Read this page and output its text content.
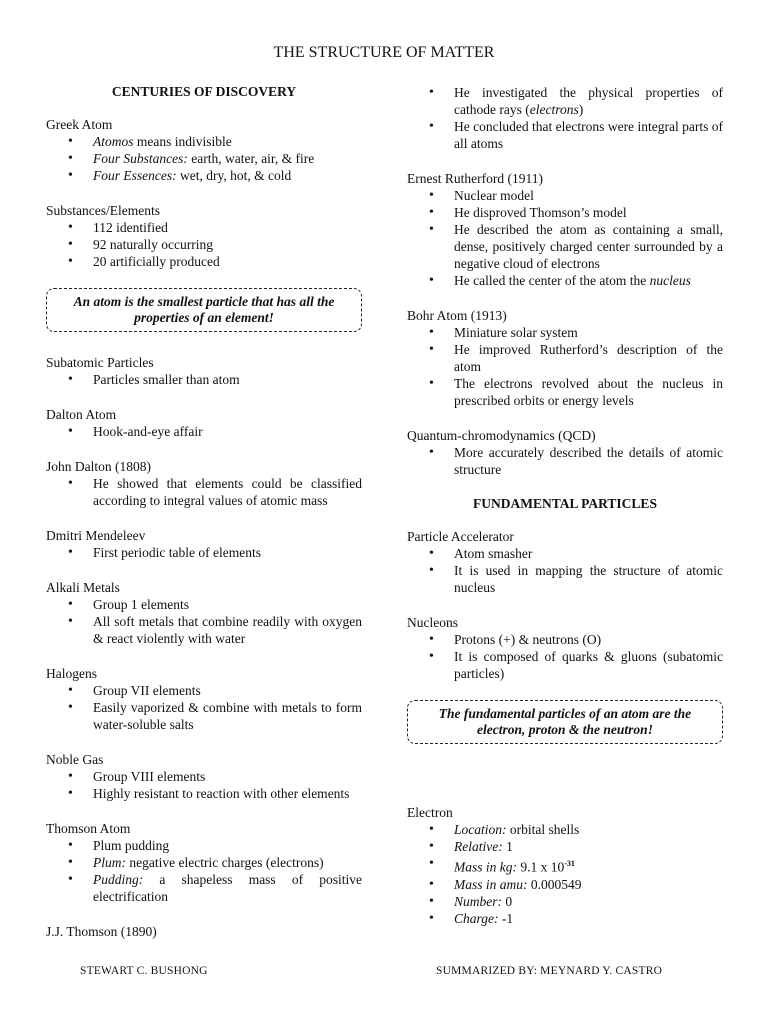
THE STRUCTURE OF MATTER
CENTURIES OF DISCOVERY
Greek Atom
• Atomos means indivisible
• Four Substances: earth, water, air, & fire
• Four Essences: wet, dry, hot, & cold
Substances/Elements
• 112 identified
• 92 naturally occurring
• 20 artificially produced
An atom is the smallest particle that has all the properties of an element!
Subatomic Particles
• Particles smaller than atom
Dalton Atom
• Hook-and-eye affair
John Dalton (1808)
• He showed that elements could be classified according to integral values of atomic mass
Dmitri Mendeleev
• First periodic table of elements
Alkali Metals
• Group 1 elements
• All soft metals that combine readily with oxygen & react violently with water
Halogens
• Group VII elements
• Easily vaporized & combine with metals to form water-soluble salts
Noble Gas
• Group VIII elements
• Highly resistant to reaction with other elements
Thomson Atom
• Plum pudding
• Plum: negative electric charges (electrons)
• Pudding: a shapeless mass of positive electrification
J.J. Thomson (1890)
• He investigated the physical properties of cathode rays (electrons)
• He concluded that electrons were integral parts of all atoms
Ernest Rutherford (1911)
• Nuclear model
• He disproved Thomson’s model
• He described the atom as containing a small, dense, positively charged center surrounded by a negative cloud of electrons
• He called the center of the atom the nucleus
Bohr Atom (1913)
• Miniature solar system
• He improved Rutherford’s description of the atom
• The electrons revolved about the nucleus in prescribed orbits or energy levels
Quantum-chromodynamics (QCD)
• More accurately described the details of atomic structure
FUNDAMENTAL PARTICLES
Particle Accelerator
• Atom smasher
• It is used in mapping the structure of atomic nucleus
Nucleons
• Protons (+) & neutrons (O)
• It is composed of quarks & gluons (subatomic particles)
The fundamental particles of an atom are the electron, proton & the neutron!
Electron
• Location: orbital shells
• Relative: 1
• Mass in kg: 9.1 x $10^{-31}$
• Mass in amu: 0.000549
• Number: 0
• Charge: -1
STEWART C. BUSHONG	SUMMARIZED BY: MEYNARD Y. CASTRO
